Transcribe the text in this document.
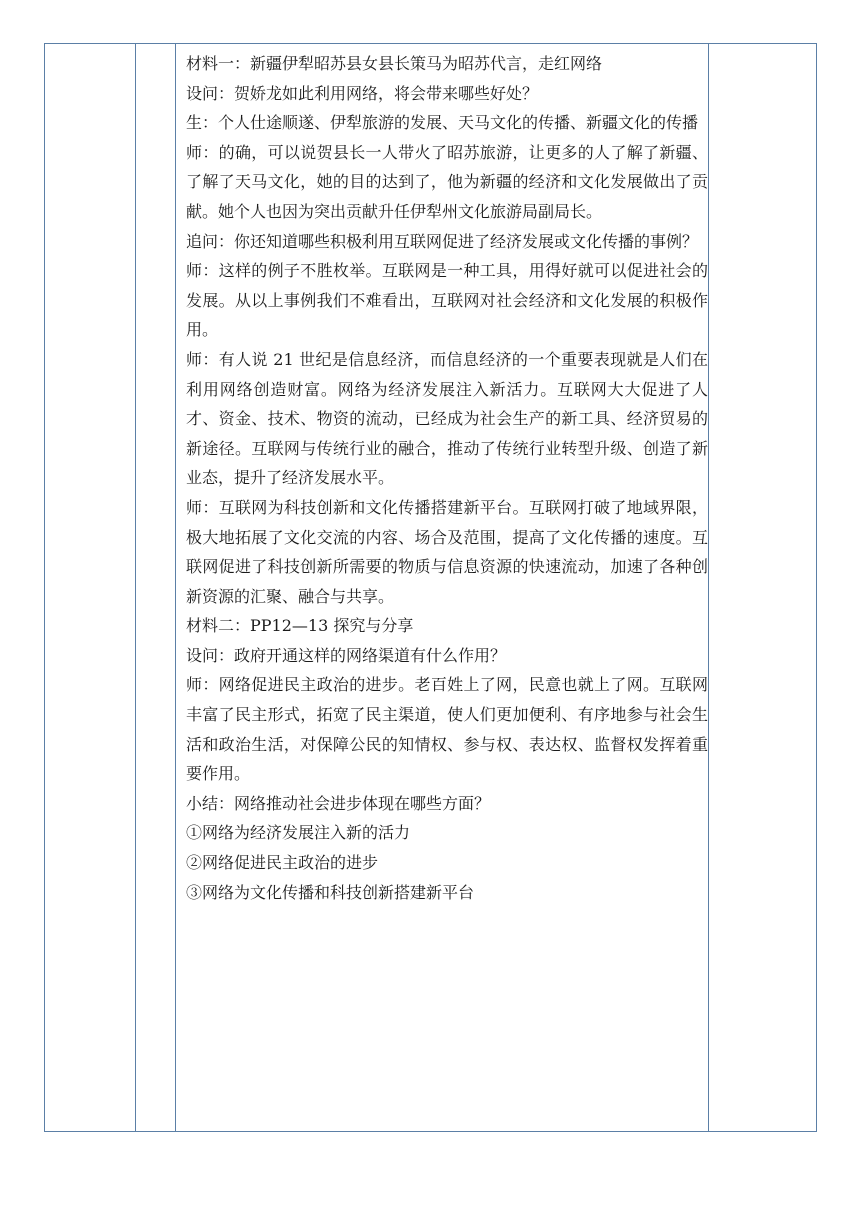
材料一：新疆伊犁昭苏县女县长策马为昭苏代言，走红网络

设问：贺娇龙如此利用网络，将会带来哪些好处？

生：个人仕途顺遂、伊犁旅游的发展、天马文化的传播、新疆文化的传播

师：的确，可以说贺县长一人带火了昭苏旅游，让更多的人了解了新疆、了解了天马文化，她的目的达到了，他为新疆的经济和文化发展做出了贡献。她个人也因为突出贡献升任伊犁州文化旅游局副局长。

追问：你还知道哪些积极利用互联网促进了经济发展或文化传播的事例？

师：这样的例子不胜枚举。互联网是一种工具，用得好就可以促进社会的发展。从以上事例我们不难看出，互联网对社会经济和文化发展的积极作用。

师：有人说 21 世纪是信息经济，而信息经济的一个重要表现就是人们在利用网络创造财富。网络为经济发展注入新活力。互联网大大促进了人才、资金、技术、物资的流动，已经成为社会生产的新工具、经济贸易的新途径。互联网与传统行业的融合，推动了传统行业转型升级、创造了新业态，提升了经济发展水平。

师：互联网为科技创新和文化传播搭建新平台。互联网打破了地域界限，极大地拓展了文化交流的内容、场合及范围，提高了文化传播的速度。互联网促进了科技创新所需要的物质与信息资源的快速流动，加速了各种创新资源的汇聚、融合与共享。

材料二：PP12—13 探究与分享

设问：政府开通这样的网络渠道有什么作用？

师：网络促进民主政治的进步。老百姓上了网，民意也就上了网。互联网丰富了民主形式，拓宽了民主渠道，使人们更加便利、有序地参与社会生活和政治生活，对保障公民的知情权、参与权、表达权、监督权发挥着重要作用。

小结：网络推动社会进步体现在哪些方面？

①网络为经济发展注入新的活力

②网络促进民主政治的进步

③网络为文化传播和科技创新搭建新平台
